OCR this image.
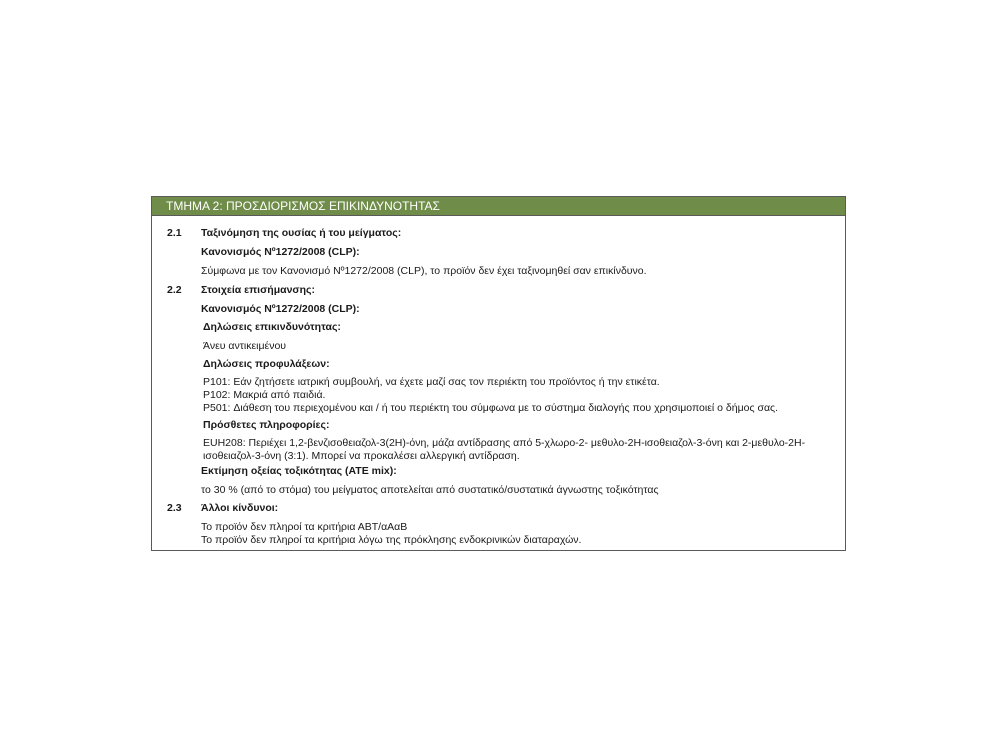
ΤΜΗΜΑ 2: ΠΡΟΣΔΙΟΡΙΣΜΟΣ ΕΠΙΚΙΝΔΥΝΟΤΗΤΑΣ
2.1 Ταξινόμηση της ουσίας ή του μείγματος:
Κανονισμός Nº1272/2008 (CLP):
Σύμφωνα με τον Κανονισμό Nº1272/2008 (CLP), το προϊόν δεν έχει ταξινομηθεί σαν επικίνδυνο.
2.2 Στοιχεία επισήμανσης:
Κανονισμός Nº1272/2008 (CLP):
Δηλώσεις επικινδυνότητας:
Άνευ αντικειμένου
Δηλώσεις προφυλάξεων:
P101: Εάν ζητήσετε ιατρική συμβουλή, να έχετε μαζί σας τον περιέκτη του προϊόντος ή την ετικέτα.
P102: Μακριά από παιδιά.
P501: Διάθεση του περιεχομένου και / ή του περιέκτη του σύμφωνα με το σύστημα διαλογής που χρησιμοποιεί ο δήμος σας.
Πρόσθετες πληροφορίες:
EUH208: Περιέχει 1,2-βενζισοθειαζολ-3(2Η)-όνη, μάζα αντίδρασης από 5-χλωρο-2- μεθυλο-2Η-ισοθειαζολ-3-όνη και 2-μεθυλο-2Η-
ισοθειαζολ-3-όνη (3:1). Μπορεί να προκαλέσει αλλεργική αντίδραση.
Εκτίμηση οξείας τοξικότητας (ATE mix):
το 30 % (από το στόμα) του μείγματος αποτελείται από συστατικό/συστατικά άγνωστης τοξικότητας
2.3 Άλλοι κίνδυνοι:
Το προϊόν δεν πληροί τα κριτήρια ΑΒΤ/αΑαΒ
Το προϊόν δεν πληροί τα κριτήρια λόγω της πρόκλησης ενδοκρινικών διαταραχών.
